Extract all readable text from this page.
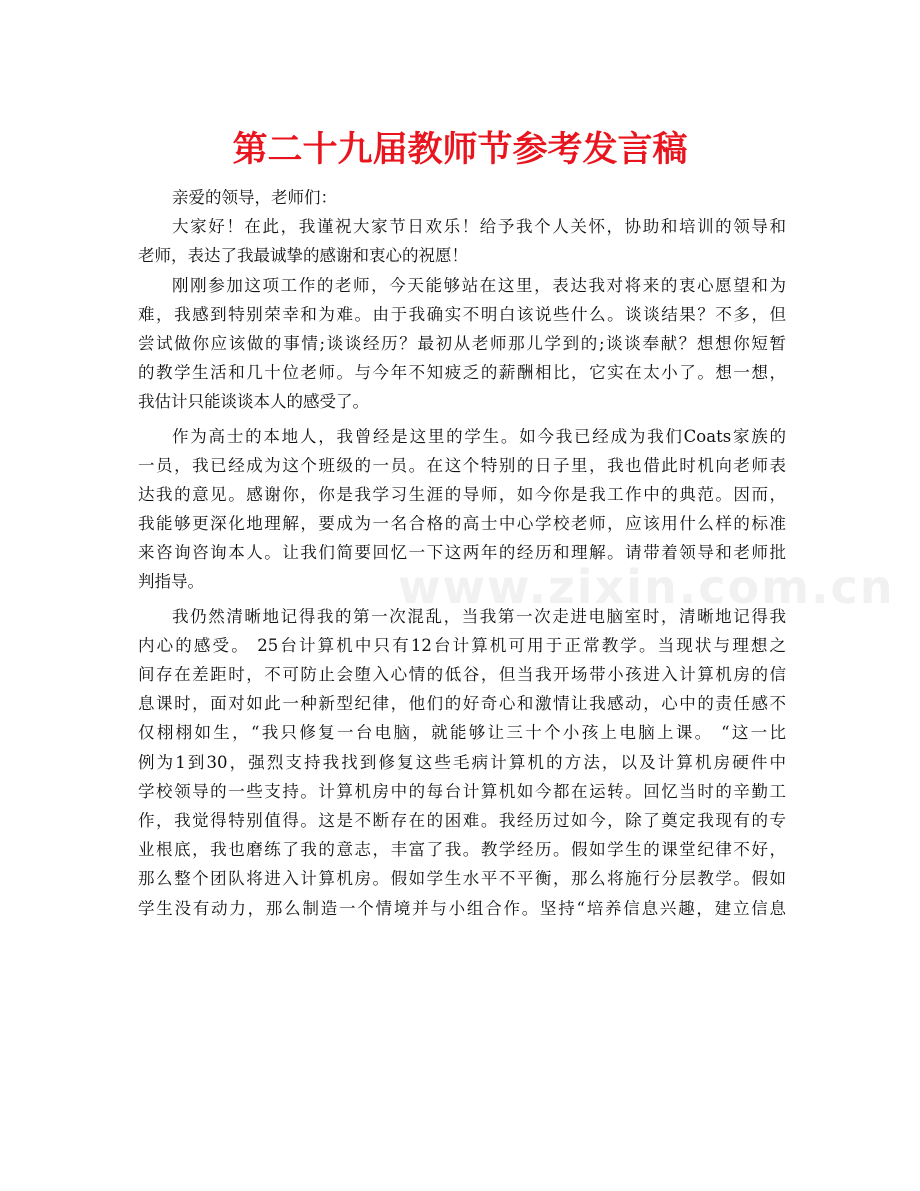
www.zixin.com.cn
第二十九届教师节参考发言稿
亲爱的领导，老师们：
大家好！在此，我谨祝大家节日欢乐！给予我个人关怀，协助和培训的领导和
老师，表达了我最诚挚的感谢和衷心的祝愿！
刚刚参加这项工作的老师，今天能够站在这里，表达我对将来的衷心愿望和为
难，我感到特别荣幸和为难。由于我确实不明白该说些什么。谈谈结果？不多，但
尝试做你应该做的事情;谈谈经历？最初从老师那儿学到的;谈谈奉献？想想你短暂
的教学生活和几十位老师。与今年不知疲乏的薪酬相比，它实在太小了。想一想，
我估计只能谈谈本人的感受了。
作为高士的本地人，我曾经是这里的学生。如今我已经成为我们Coats家族的
一员，我已经成为这个班级的一员。在这个特别的日子里，我也借此时机向老师表
达我的意见。感谢你，你是我学习生涯的导师，如今你是我工作中的典范。因而，
我能够更深化地理解，要成为一名合格的高士中心学校老师，应该用什么样的标准
来咨询咨询本人。让我们简要回忆一下这两年的经历和理解。请带着领导和老师批
判指导。
我仍然清晰地记得我的第一次混乱，当我第一次走进电脑室时，清晰地记得我
内心的感受。 25台计算机中只有12台计算机可用于正常教学。当现状与理想之
间存在差距时，不可防止会堕入心情的低谷，但当我开场带小孩进入计算机房的信
息课时，面对如此一种新型纪律，他们的好奇心和激情让我感动，心中的责任感不
仅栩栩如生，“我只修复一台电脑，就能够让三十个小孩上电脑上课。 “这一比
例为1到30，强烈支持我找到修复这些毛病计算机的方法，以及计算机房硬件中
学校领导的一些支持。计算机房中的每台计算机如今都在运转。回忆当时的辛勤工
作，我觉得特别值得。这是不断存在的困难。我经历过如今，除了奠定我现有的专
业根底，我也磨练了我的意志，丰富了我。教学经历。假如学生的课堂纪律不好，
那么整个团队将进入计算机房。假如学生水平不平衡，那么将施行分层教学。假如
学生没有动力，那么制造一个情境并与小组合作。坚持“培养信息兴趣，建立信息
